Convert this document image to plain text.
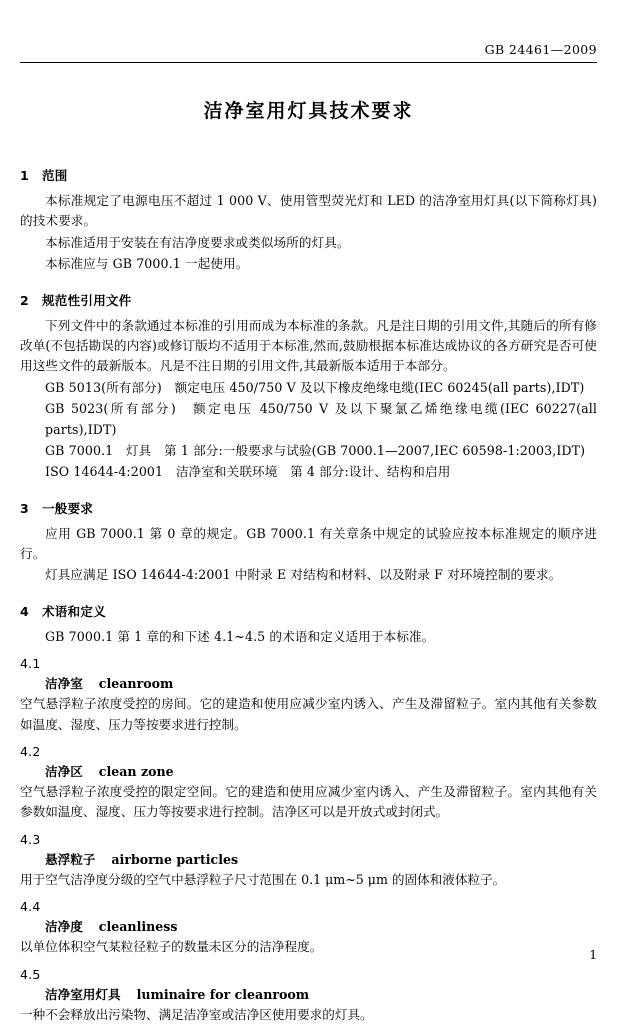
GB 24461—2009
洁净室用灯具技术要求
1 范围

本标准规定了电源电压不超过 1 000 V、使用管型荧光灯和 LED 的洁净室用灯具(以下简称灯具)的技术要求。

本标准适用于安装在有洁净度要求或类似场所的灯具。

本标准应与 GB 7000.1 一起使用。

2 规范性引用文件

下列文件中的条款通过本标准的引用而成为本标准的条款。凡是注日期的引用文件,其随后的所有修改单(不包括勘误的内容)或修订版均不适用于本标准,然而,鼓励根据本标准达成协议的各方研究是否可使用这些文件的最新版本。凡是不注日期的引用文件,其最新版本适用于本部分。

GB 5013(所有部分)　额定电压 450/750 V 及以下橡皮绝缘电缆(IEC 60245(all parts),IDT)

GB 5023(所有部分)　额定电压 450/750 V 及以下聚氯乙烯绝缘电缆(IEC 60227(all parts),IDT)

GB 7000.1　灯具　第 1 部分:一般要求与试验(GB 7000.1—2007,IEC 60598-1:2003,IDT)

ISO 14644-4:2001　洁净室和关联环境　第 4 部分:设计、结构和启用

3 一般要求

应用 GB 7000.1 第 0 章的规定。GB 7000.1 有关章条中规定的试验应按本标准规定的顺序进行。

灯具应满足 ISO 14644-4:2001 中附录 E 对结构和材料、以及附录 F 对环境控制的要求。

4 术语和定义

GB 7000.1 第 1 章的和下述 4.1~4.5 的术语和定义适用于本标准。

4.1
洁净室 cleanroom

空气悬浮粒子浓度受控的房间。它的建造和使用应减少室内诱入、产生及滞留粒子。室内其他有关参数如温度、湿度、压力等按要求进行控制。

4.2
洁净区 clean zone

空气悬浮粒子浓度受控的限定空间。它的建造和使用应减少室内诱入、产生及滞留粒子。室内其他有关参数如温度、湿度、压力等按要求进行控制。洁净区可以是开放式或封闭式。

4.3
悬浮粒子 airborne particles

用于空气洁净度分级的空气中悬浮粒子尺寸范围在 0.1 μm~5 μm 的固体和液体粒子。

4.4
洁净度 cleanliness

以单位体积空气某粒径粒子的数量未区分的洁净程度。

4.5
洁净室用灯具 luminaire for cleanroom

一种不会释放出污染物、满足洁净室或洁净区使用要求的灯具。

1
